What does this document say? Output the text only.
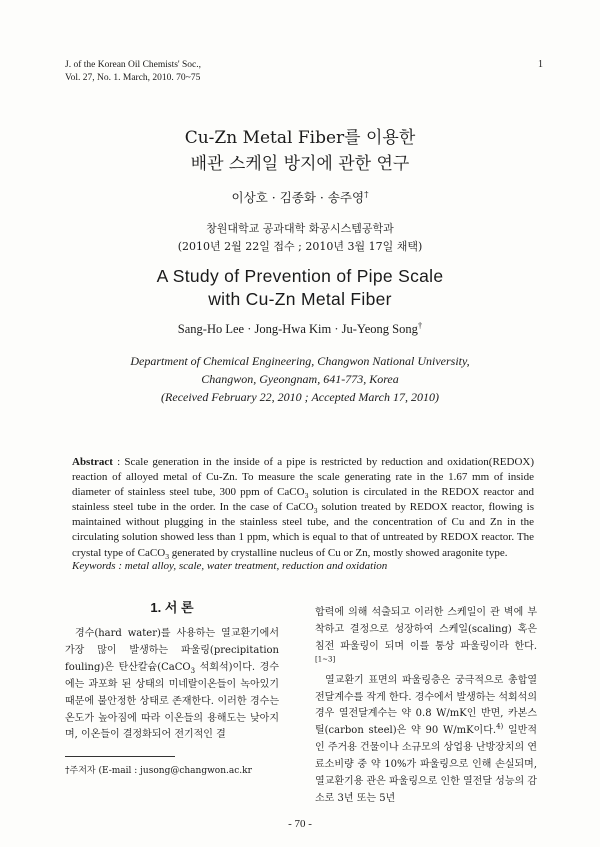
J. of the Korean Oil Chemists' Soc.,
Vol. 27, No. 1. March, 2010. 70~75
1
Cu-Zn Metal Fiber를 이용한
배관 스케일 방지에 관한 연구
이상호 · 김종화 · 송주영†
창원대학교 공과대학 화공시스템공학과
(2010년 2월 22일 접수 ; 2010년 3월 17일 채택)
A Study of Prevention of Pipe Scale
with Cu-Zn Metal Fiber
Sang-Ho Lee · Jong-Hwa Kim · Ju-Yeong Song†
Department of Chemical Engineering, Changwon National University,
Changwon, Gyeongnam, 641-773, Korea
(Received February 22, 2010 ; Accepted March 17, 2010)
Abstract : Scale generation in the inside of a pipe is restricted by reduction and oxidation(REDOX) reaction of alloyed metal of Cu-Zn. To measure the scale generating rate in the 1.67 mm of inside diameter of stainless steel tube, 300 ppm of CaCO$_3$ solution is circulated in the REDOX reactor and stainless steel tube in the order. In the case of CaCO$_3$ solution treated by REDOX reactor, flowing is maintained without plugging in the stainless steel tube, and the concentration of Cu and Zn in the circulating solution showed less than 1 ppm, which is equal to that of untreated by REDOX reactor. The crystal type of CaCO$_3$ generated by crystalline nucleus of Cu or Zn, mostly showed aragonite type.
Keywords : metal alloy, scale, water treatment, reduction and oxidation
1. 서 론

경수(hard water)를 사용하는 열교환기에서 가장 많이 발생하는 파울링(precipitation fouling)은 탄산칼슘(CaCO$_3$ 석회석)이다. 경수에는 과포화 된 상태의 미네랄이온들이 녹아있기 때문에 불안정한 상태로 존재한다. 이러한 경수는 온도가 높아짐에 따라 이온들의 용해도는 낮아지며, 이온들이 결정화되어 전기적인 결

합력에 의해 석출되고 이러한 스케일이 관 벽에 부착하고 결정으로 성장하여 스케일(scaling) 혹은 침전 파울링이 되며 이를 통상 파울링이라 한다.[1~3]

열교환기 표면의 파울링층은 궁극적으로 총합열전달계수를 작게 한다. 경수에서 발생하는 석회석의 경우 열전달계수는 약 0.8 W/mK인 반면, 카본스틸(carbon steel)은 약 90 W/mK이다.$^{4)}$ 일반적인 주거용 건물이나 소규모의 상업용 난방장치의 연료소비량 중 약 10%가 파울링으로 인해 손실되며, 열교환기용 관은 파울링으로 인한 열전달 성능의 감소로 3년 또는 5년

†주저자 (E-mail : jusong@changwon.ac.kr
- 70 -
